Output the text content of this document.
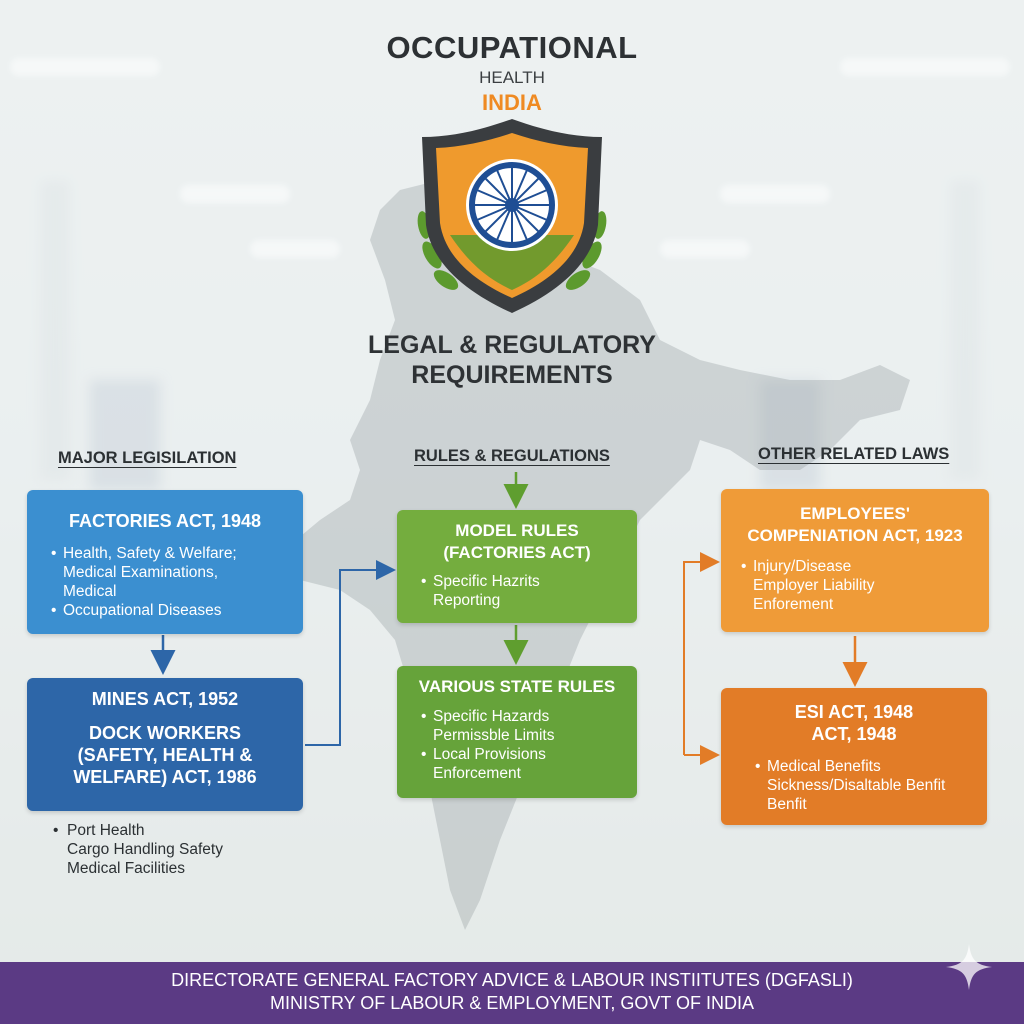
OCCUPATIONAL
HEALTH
INDIA
LEGAL & REGULATORY
REQUIREMENTS
MAJOR LEGISILATION	RULES & REGULATIONS	OTHER RELATED LAWS
FACTORIES ACT, 1948
• Health, Safety & Welfare;
Medical Examinations,
Medical
• Occupational Diseases
MINES ACT, 1952
DOCK WORKERS
(SAFETY, HEALTH &
WELFARE) ACT, 1986
• Port Health
Cargo Handling Safety
Medical Facilities
MODEL RULES
(FACTORIES ACT)
• Specific Hazrits
Reporting
VARIOUS STATE RULES
• Specific Hazards
Permissble Limits
• Local Provisions
Enforcement
EMPLOYEES'
COMPENIATION ACT, 1923
• Injury/Disease
Employer Liability
Enforement
ESI ACT, 1948
ACT, 1948
• Medical Benefits
Sickness/Disaltable Benfit
Benfit
DIRECTORATE GENERAL FACTORY ADVICE & LABOUR INSTIITUTES (DGFASLI)
MINISTRY OF LABOUR & EMPLOYMENT, GOVT OF INDIA
